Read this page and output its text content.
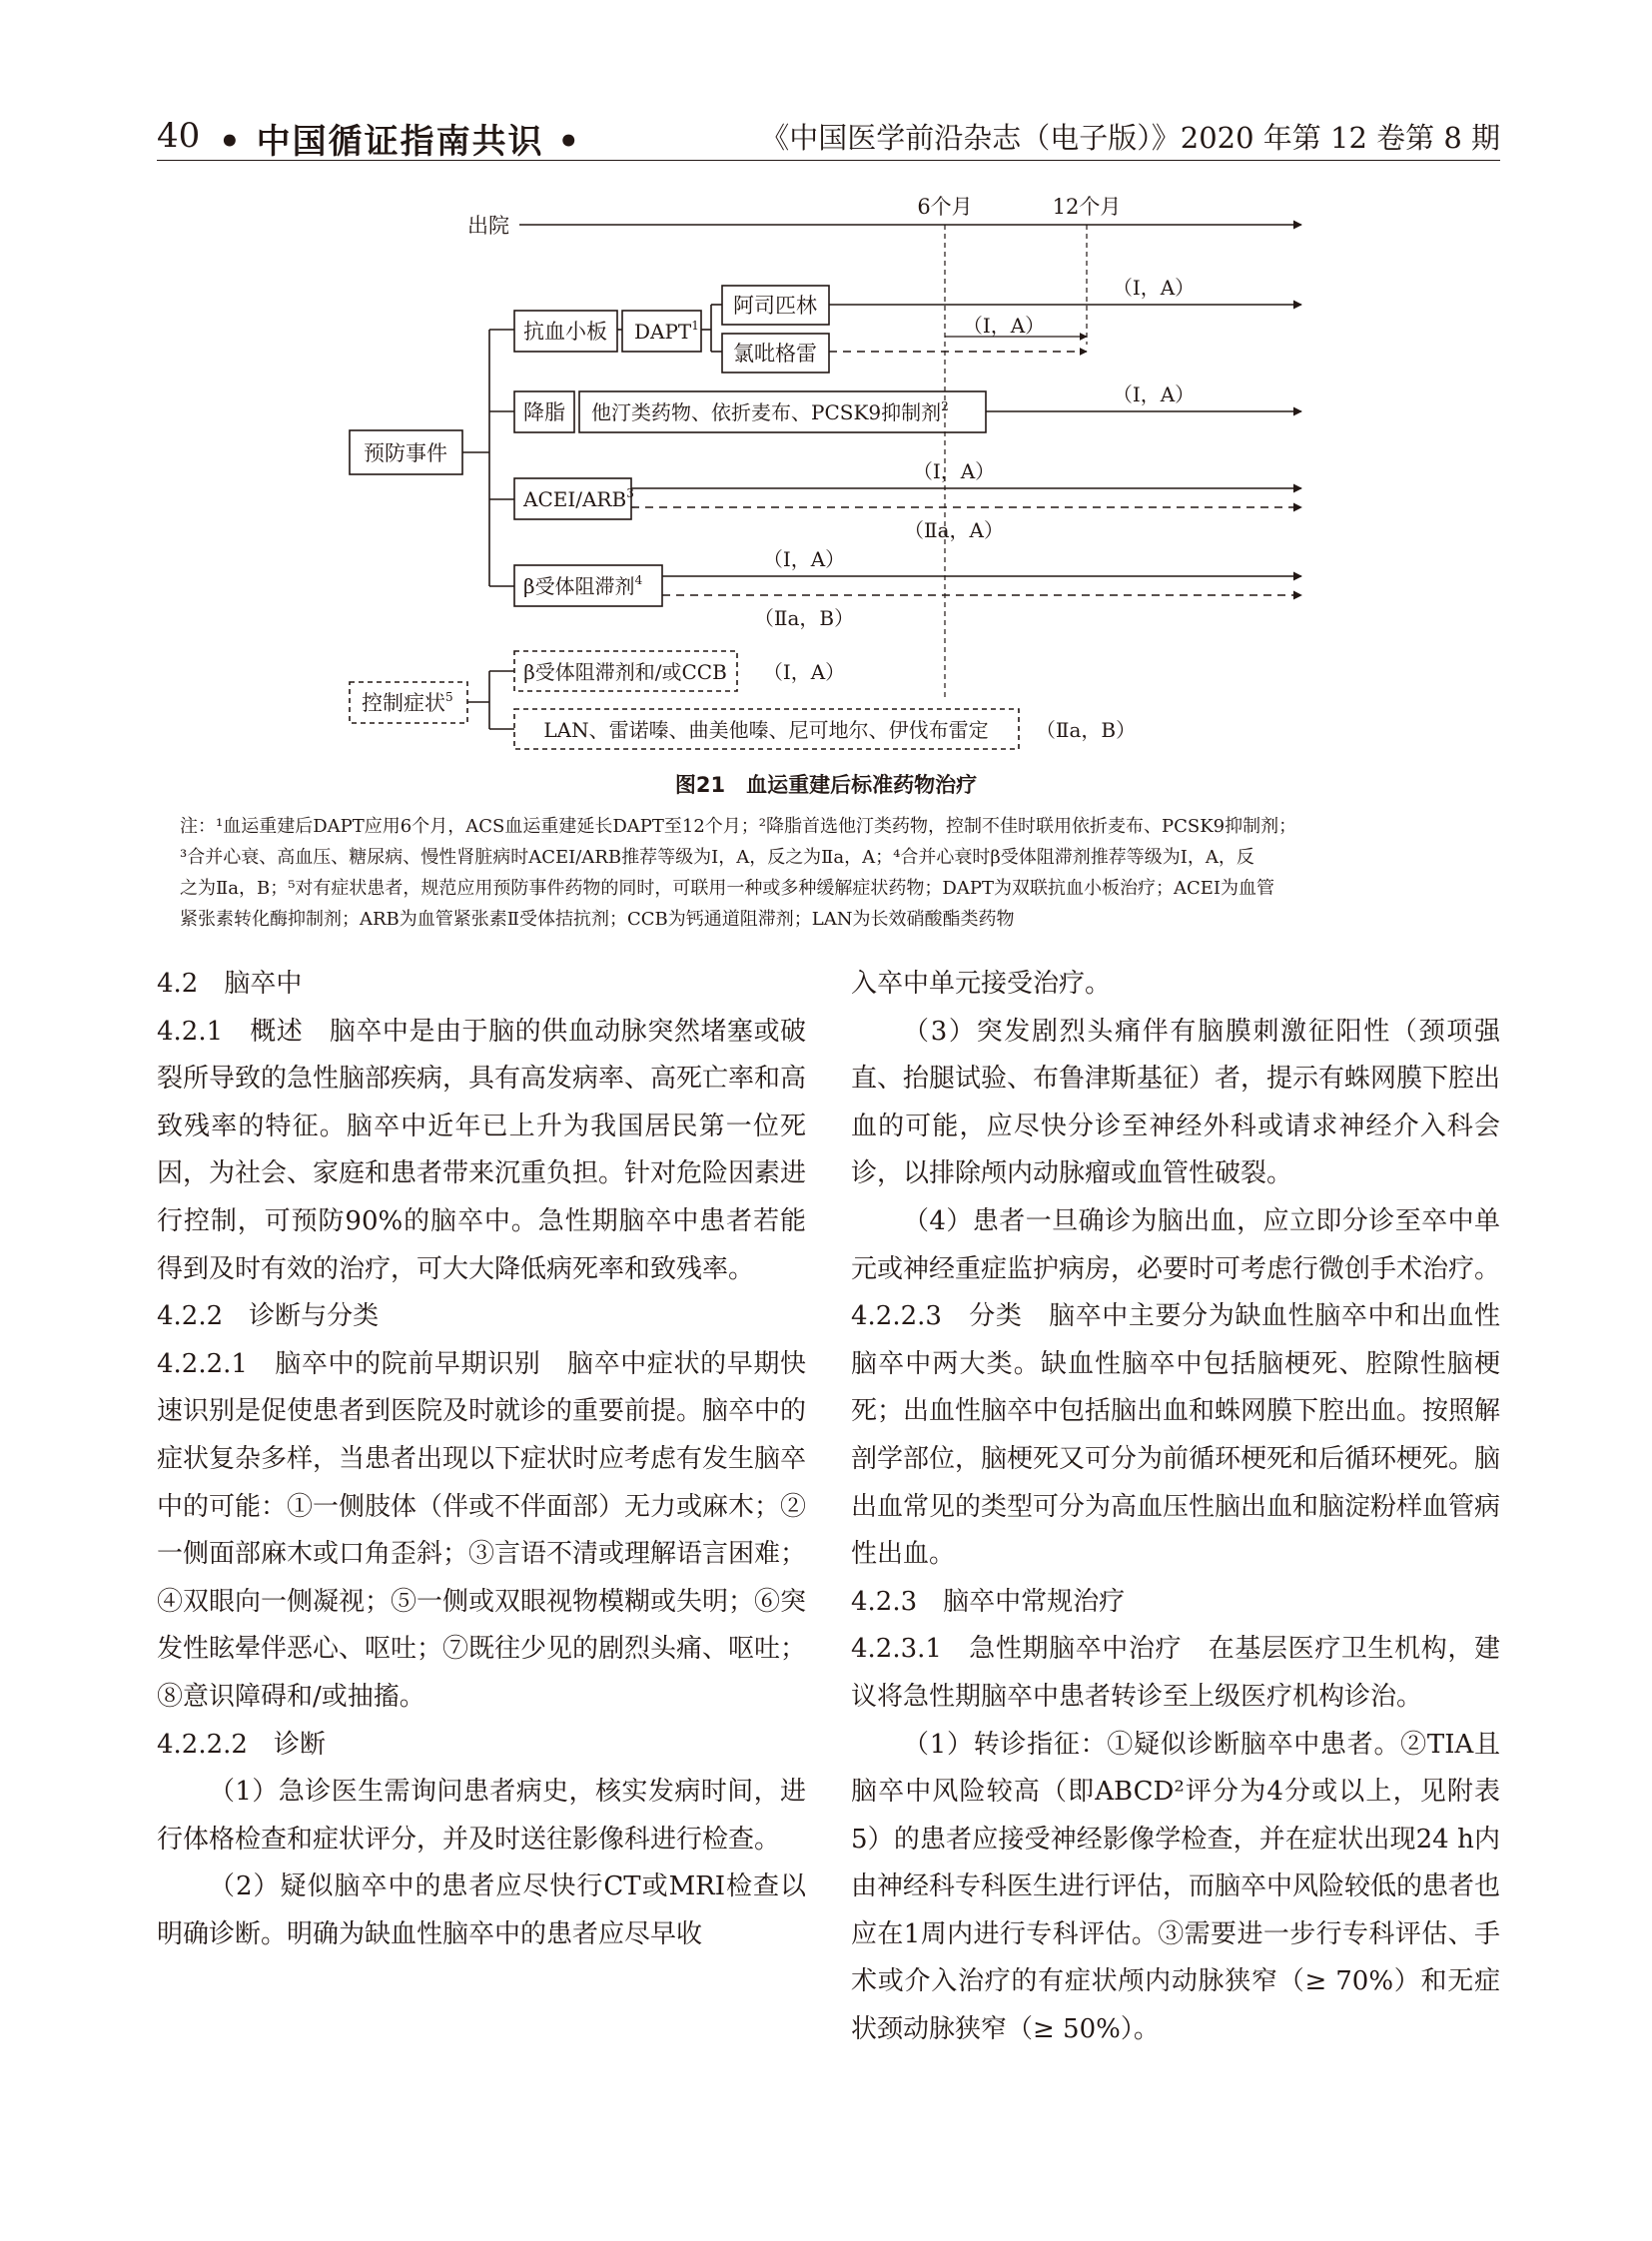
40 • 中国循证指南共识 •	《中国医学前沿杂志（电子版）》2020 年第 12 卷第 8 期
出院
6个月	12个月
预防事件
抗血小板 DAPT$^1$
阿司匹林
氯吡格雷
降脂 他汀类药物、依折麦布、PCSK9抑制剂$^2$
ACEI/ARB$^3$
β受体阻滞剂$^4$
控制症状$^5$
β受体阻滞剂和/或CCB
LAN、雷诺嗪、曲美他嗪、尼可地尔、伊伐布雷定
（Ⅰ，A）
（Ⅰ，A）
（Ⅰ，A）
（Ⅰ，A）
（Ⅱa，A）
（Ⅰ，A）
（Ⅱa，B）
（Ⅰ，A）
（Ⅱa，B）
图21　血运重建后标准药物治疗

注：¹血运重建后DAPT应用6个月，ACS血运重建延长DAPT至12个月；²降脂首选他汀类药物，控制不佳时联用依折麦布、PCSK9抑制剂；

³合并心衰、高血压、糖尿病、慢性肾脏病时ACEI/ARB推荐等级为Ⅰ，A，反之为Ⅱa，A；⁴合并心衰时β受体阻滞剂推荐等级为Ⅰ，A，反

之为Ⅱa，B；⁵对有症状患者，规范应用预防事件药物的同时，可联用一种或多种缓解症状药物；DAPT为双联抗血小板治疗；ACEI为血管

紧张素转化酶抑制剂；ARB为血管紧张素Ⅱ受体拮抗剂；CCB为钙通道阻滞剂；LAN为长效硝酸酯类药物

4.2　脑卒中

4.2.1　概述　脑卒中是由于脑的供血动脉突然堵塞或破裂所导致的急性脑部疾病，具有高发病率、高死亡率和高致残率的特征。脑卒中近年已上升为我国居民第一位死因，为社会、家庭和患者带来沉重负担。针对危险因素进行控制，可预防90%的脑卒中。急性期脑卒中患者若能得到及时有效的治疗，可大大降低病死率和致残率。

4.2.2　诊断与分类

4.2.2.1　脑卒中的院前早期识别　脑卒中症状的早期快速识别是促使患者到医院及时就诊的重要前提。脑卒中的症状复杂多样，当患者出现以下症状时应考虑有发生脑卒中的可能：①一侧肢体（伴或不伴面部）无力或麻木；②一侧面部麻木或口角歪斜；③言语不清或理解语言困难；④双眼向一侧凝视；⑤一侧或双眼视物模糊或失明；⑥突发性眩晕伴恶心、呕吐；⑦既往少见的剧烈头痛、呕吐；⑧意识障碍和/或抽搐。

4.2.2.2　诊断

（1）急诊医生需询问患者病史，核实发病时间，进行体格检查和症状评分，并及时送往影像科进行检查。

（2）疑似脑卒中的患者应尽快行CT或MRI检查以明确诊断。明确为缺血性脑卒中的患者应尽早收

入卒中单元接受治疗。

（3）突发剧烈头痛伴有脑膜刺激征阳性（颈项强直、抬腿试验、布鲁津斯基征）者，提示有蛛网膜下腔出血的可能，应尽快分诊至神经外科或请求神经介入科会诊，以排除颅内动脉瘤或血管性破裂。

（4）患者一旦确诊为脑出血，应立即分诊至卒中单元或神经重症监护病房，必要时可考虑行微创手术治疗。

4.2.2.3　分类　脑卒中主要分为缺血性脑卒中和出血性脑卒中两大类。缺血性脑卒中包括脑梗死、腔隙性脑梗死；出血性脑卒中包括脑出血和蛛网膜下腔出血。按照解剖学部位，脑梗死又可分为前循环梗死和后循环梗死。脑出血常见的类型可分为高血压性脑出血和脑淀粉样血管病性出血。

4.2.3　脑卒中常规治疗

4.2.3.1　急性期脑卒中治疗　在基层医疗卫生机构，建议将急性期脑卒中患者转诊至上级医疗机构诊治。

（1）转诊指征：①疑似诊断脑卒中患者。②TIA且脑卒中风险较高（即ABCD²评分为4分或以上，见附表5）的患者应接受神经影像学检查，并在症状出现24 h内由神经科专科医生进行评估，而脑卒中风险较低的患者也应在1周内进行专科评估。③需要进一步行专科评估、手术或介入治疗的有症状颅内动脉狭窄（≥ 70%）和无症状颈动脉狭窄（≥ 50%）。
